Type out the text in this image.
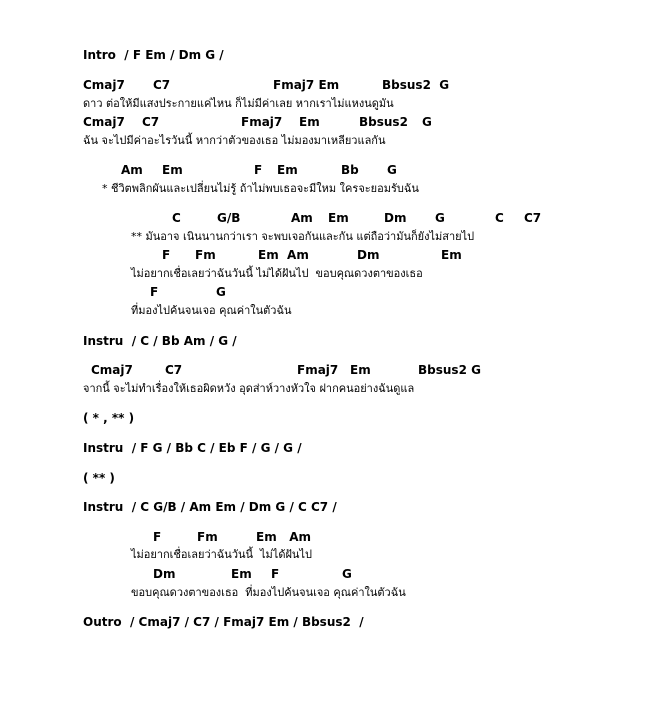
Intro  / F Em / Dm G /
Cmaj7 C7	Fmaj7 Em	Bbsus2  G
ดาว ต่อให้มีแสงประกายแค่ไหน ก็ไม่มีค่าเลย หากเราไม่แหงนดูมัน
Cmaj7 C7	Fmaj7 Em	Bbsus2 G
ฉัน จะไปมีค่าอะไรวันนี้ หากว่าตัวของเธอ ไม่มองมาเหลียวแลกัน
Am Em	F Em	Bb G
* ชีวิตพลิกผันและเปลี่ยนไม่รู้ ถ้าไม่พบเธอจะมีใหม ใครจะยอมรับฉัน
C	G/B	Am Em	Dm G	C C7
** มันอาจ เนินนานกว่าเรา จะพบเจอกันและกัน แต่ถือว่ามันก็ยังไม่สายไป
F Fm	Em  Am	Dm	Em
ไม่อยากเชื่อเลยว่าฉันวันนี้ ไม่ได้ฝันไป  ขอบคุณดวงตาของเธอ
F	G
ที่มองไปค้นจนเจอ คุณค่าในตัวฉัน
Instru  / C / Bb Am / G /
Cmaj7	C7	Fmaj7 Em	Bbsus2 G
จากนี้ จะไม่ทำเรื่องให้เธอผิดหวัง อุดส่าห์วางหัวใจ ฝากคนอย่างฉันดูแล
( * , ** )
Instru  / F G / Bb C / Eb F / G / G /
( ** )
Instru  / C G/B / Am Em / Dm G / C C7 /
F	Fm	Em   Am
ไม่อยากเชื่อเลยว่าฉันวันนี้  ไม่ได้ฝันไป
Dm	Em F	G
ขอบคุณดวงตาของเธอ  ที่มองไปค้นจนเจอ คุณค่าในตัวฉัน
Outro  / Cmaj7 / C7 / Fmaj7 Em / Bbsus2  /
